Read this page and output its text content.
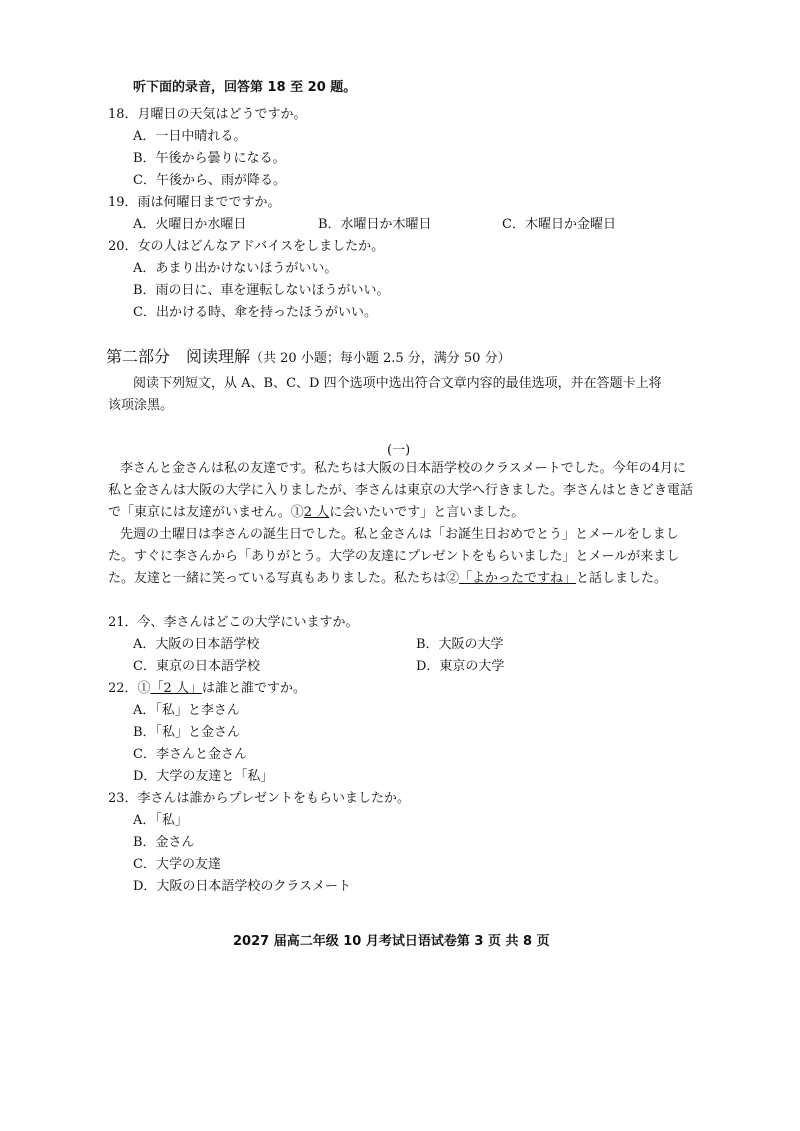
听下面的录音，回答第 18 至 20 题。
18．月曜日の天気はどうですか。
A．一日中晴れる。
B．午後から曇りになる。
C．午後から、雨が降る。
19．雨は何曜日までですか。
A．火曜日か水曜日	B．水曜日か木曜日	C．木曜日か金曜日
20．女の人はどんなアドバイスをしましたか。
A．あまり出かけないほうがいい。
B．雨の日に、車を運転しないほうがいい。
C．出かける時、傘を持ったほうがいい。
第二部分　阅读理解（共 20 小题；每小题 2.5 分，满分 50 分）
阅读下列短文，从 A、B、C、D 四个选项中选出符合文章内容的最佳选项，并在答题卡上将
该项涂黑。
(一)
李さんと金さんは私の友達です。私たちは大阪の日本語学校のクラスメートでした。今年の4月に私と金さんは大阪の大学に入りましたが、李さんは東京の大学へ行きました。李さんはときどき電話で「東京には友達がいません。①2 人に会いたいです」と言いました。
先週の土曜日は李さんの誕生日でした。私と金さんは「お誕生日おめでとう」とメールをしました。すぐに李さんから「ありがとう。大学の友達にプレゼントをもらいました」とメールが来ました。友達と一緒に笑っている写真もありました。私たちは②「よかったですね」と話しました。
21．今、李さんはどこの大学にいますか。
A．大阪の日本語学校	B．大阪の大学
C．東京の日本語学校	D．東京の大学
22．①「2 人」は誰と誰ですか。
A．「私」と李さん
B．「私」と金さん
C．李さんと金さん
D．大学の友達と「私」
23．李さんは誰からプレゼントをもらいましたか。
A．「私」
B．金さん
C．大学の友達
D．大阪の日本語学校のクラスメート
2027 届高二年级 10 月考试日语试卷第 3 页 共 8 页
